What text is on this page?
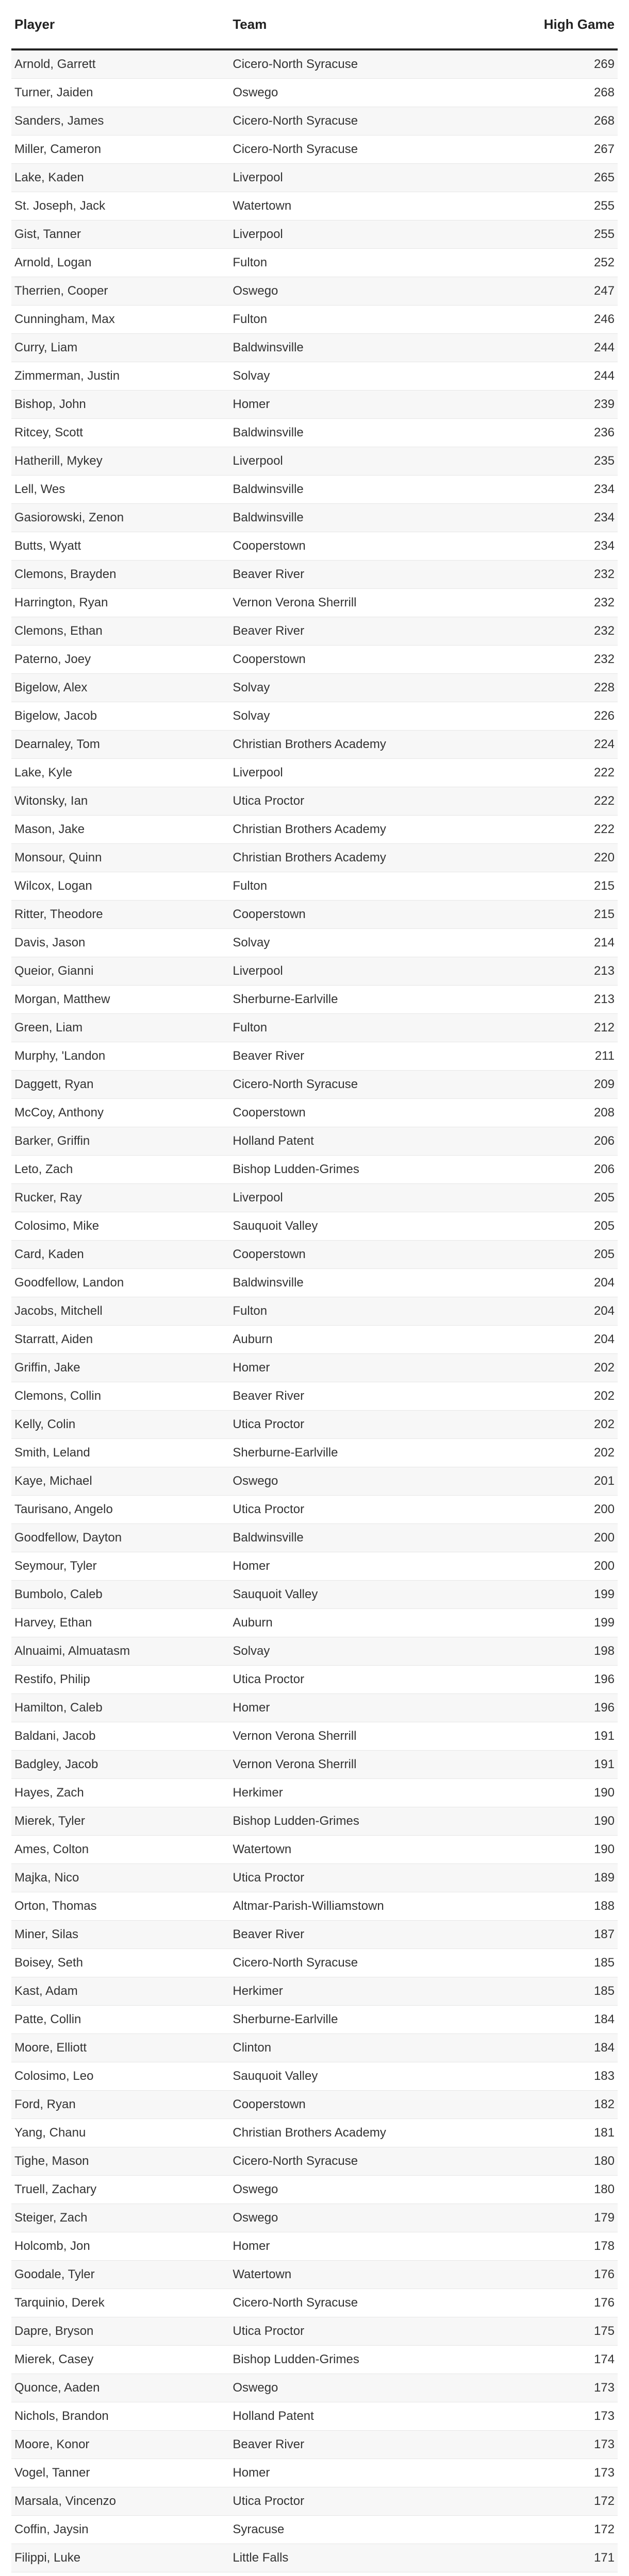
Player	Team	High Game
Arnold, Garrett	Cicero-North Syracuse	269
Turner, Jaiden	Oswego	268
Sanders, James	Cicero-North Syracuse	268
Miller, Cameron	Cicero-North Syracuse	267
Lake, Kaden	Liverpool	265
St. Joseph, Jack	Watertown	255
Gist, Tanner	Liverpool	255
Arnold, Logan	Fulton	252
Therrien, Cooper	Oswego	247
Cunningham, Max	Fulton	246
Curry, Liam	Baldwinsville	244
Zimmerman, Justin	Solvay	244
Bishop, John	Homer	239
Ritcey, Scott	Baldwinsville	236
Hatherill, Mykey	Liverpool	235
Lell, Wes	Baldwinsville	234
Gasiorowski, Zenon	Baldwinsville	234
Butts, Wyatt	Cooperstown	234
Clemons, Brayden	Beaver River	232
Harrington, Ryan	Vernon Verona Sherrill	232
Clemons, Ethan	Beaver River	232
Paterno, Joey	Cooperstown	232
Bigelow, Alex	Solvay	228
Bigelow, Jacob	Solvay	226
Dearnaley, Tom	Christian Brothers Academy	224
Lake, Kyle	Liverpool	222
Witonsky, Ian	Utica Proctor	222
Mason, Jake	Christian Brothers Academy	222
Monsour, Quinn	Christian Brothers Academy	220
Wilcox, Logan	Fulton	215
Ritter, Theodore	Cooperstown	215
Davis, Jason	Solvay	214
Queior, Gianni	Liverpool	213
Morgan, Matthew	Sherburne-Earlville	213
Green, Liam	Fulton	212
Murphy, 'Landon	Beaver River	211
Daggett, Ryan	Cicero-North Syracuse	209
McCoy, Anthony	Cooperstown	208
Barker, Griffin	Holland Patent	206
Leto, Zach	Bishop Ludden-Grimes	206
Rucker, Ray	Liverpool	205
Colosimo, Mike	Sauquoit Valley	205
Card, Kaden	Cooperstown	205
Goodfellow, Landon	Baldwinsville	204
Jacobs, Mitchell	Fulton	204
Starratt, Aiden	Auburn	204
Griffin, Jake	Homer	202
Clemons, Collin	Beaver River	202
Kelly, Colin	Utica Proctor	202
Smith, Leland	Sherburne-Earlville	202
Kaye, Michael	Oswego	201
Taurisano, Angelo	Utica Proctor	200
Goodfellow, Dayton	Baldwinsville	200
Seymour, Tyler	Homer	200
Bumbolo, Caleb	Sauquoit Valley	199
Harvey, Ethan	Auburn	199
Alnuaimi, Almuatasm	Solvay	198
Restifo, Philip	Utica Proctor	196
Hamilton, Caleb	Homer	196
Baldani, Jacob	Vernon Verona Sherrill	191
Badgley, Jacob	Vernon Verona Sherrill	191
Hayes, Zach	Herkimer	190
Mierek, Tyler	Bishop Ludden-Grimes	190
Ames, Colton	Watertown	190
Majka, Nico	Utica Proctor	189
Orton, Thomas	Altmar-Parish-Williamstown	188
Miner, Silas	Beaver River	187
Boisey, Seth	Cicero-North Syracuse	185
Kast, Adam	Herkimer	185
Patte, Collin	Sherburne-Earlville	184
Moore, Elliott	Clinton	184
Colosimo, Leo	Sauquoit Valley	183
Ford, Ryan	Cooperstown	182
Yang, Chanu	Christian Brothers Academy	181
Tighe, Mason	Cicero-North Syracuse	180
Truell, Zachary	Oswego	180
Steiger, Zach	Oswego	179
Holcomb, Jon	Homer	178
Goodale, Tyler	Watertown	176
Tarquinio, Derek	Cicero-North Syracuse	176
Dapre, Bryson	Utica Proctor	175
Mierek, Casey	Bishop Ludden-Grimes	174
Quonce, Aaden	Oswego	173
Nichols, Brandon	Holland Patent	173
Moore, Konor	Beaver River	173
Vogel, Tanner	Homer	173
Marsala, Vincenzo	Utica Proctor	172
Coffin, Jaysin	Syracuse	172
Filippi, Luke	Little Falls	171
